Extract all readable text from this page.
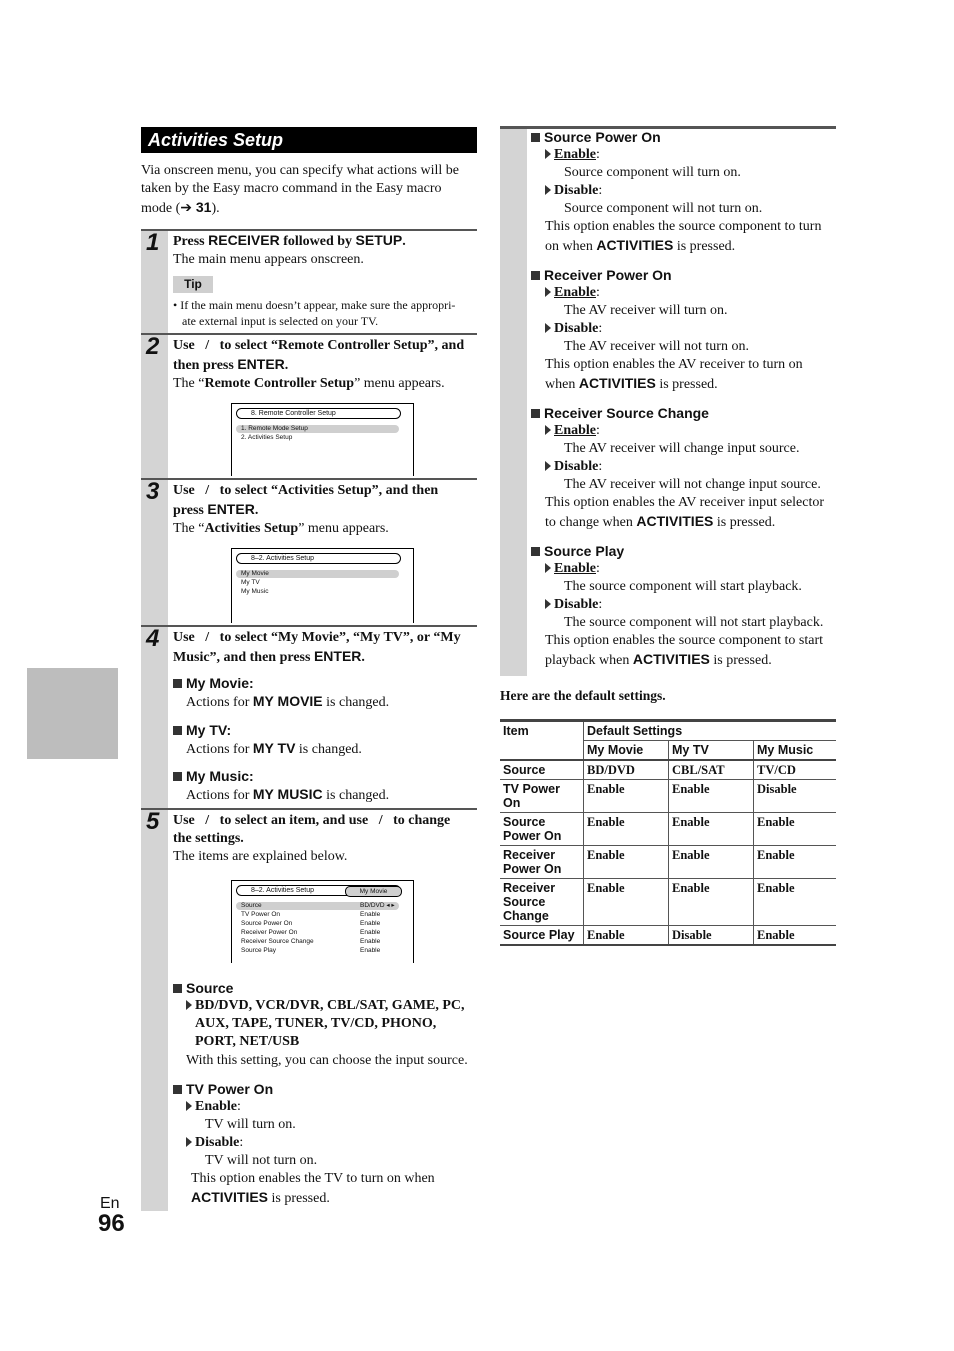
Activities Setup
Via onscreen menu, you can specify what actions will be
taken by the Easy macro command in the Easy macro
mode (➔ 31).
1 Press RECEIVER followed by SETUP.
The main menu appears onscreen.
Tip
• If the main menu doesn’t appear, make sure the appropri-
ate external input is selected on your TV.
2 Use   /   to select “Remote Controller Setup”, and
then press ENTER.
The “Remote Controller Setup” menu appears.
8. Remote Controller Setup
1. Remote Mode Setup
2. Activities Setup
3 Use   /   to select “Activities Setup”, and then
press ENTER.
The “Activities Setup” menu appears.
8–2. Activities Setup
My Movie
My TV
My Music
4 Use   /   to select “My Movie”, “My TV”, or “My
Music”, and then press ENTER.
My Movie:
Actions for MY MOVIE is changed.
My TV:
Actions for MY TV is changed.
My Music:
Actions for MY MUSIC is changed.
5 Use   /   to select an item, and use   /   to change
the settings.
The items are explained below.
8–2. Activities Setup	My Movie
Source	BD/DVD ◂ ▸
TV Power On	Enable
Source Power On	Enable
Receiver Power On	Enable
Receiver Source Change	Enable
Source Play	Enable
Source
BD/DVD, VCR/DVR, CBL/SAT, GAME, PC,
AUX, TAPE, TUNER, TV/CD, PHONO,
PORT, NET/USB
With this setting, you can choose the input source.
TV Power On
Enable:
TV will turn on.
Disable:
TV will not turn on.
This option enables the TV to turn on when
ACTIVITIES is pressed.
En
96
Source Power On
Enable:
Source component will turn on.
Disable:
Source component will not turn on.
This option enables the source component to turn
on when ACTIVITIES is pressed.
Receiver Power On
Enable:
The AV receiver will turn on.
Disable:
The AV receiver will not turn on.
This option enables the AV receiver to turn on
when ACTIVITIES is pressed.
Receiver Source Change
Enable:
The AV receiver will change input source.
Disable:
The AV receiver will not change input source.
This option enables the AV receiver input selector
to change when ACTIVITIES is pressed.
Source Play
Enable:
The source component will start playback.
Disable:
The source component will not start playback.
This option enables the source component to start
playback when ACTIVITIES is pressed.
Here are the default settings.
Item	Default Settings		
	My Movie	My TV	My Music
Source	BD/DVD	CBL/SAT	TV/CD
TV Power On	Enable	Enable	Disable
Source Power On	Enable	Enable	Enable
Receiver Power On	Enable	Enable	Enable
Receiver Source Change	Enable	Enable	Enable
Source Play	Enable	Disable	Enable
